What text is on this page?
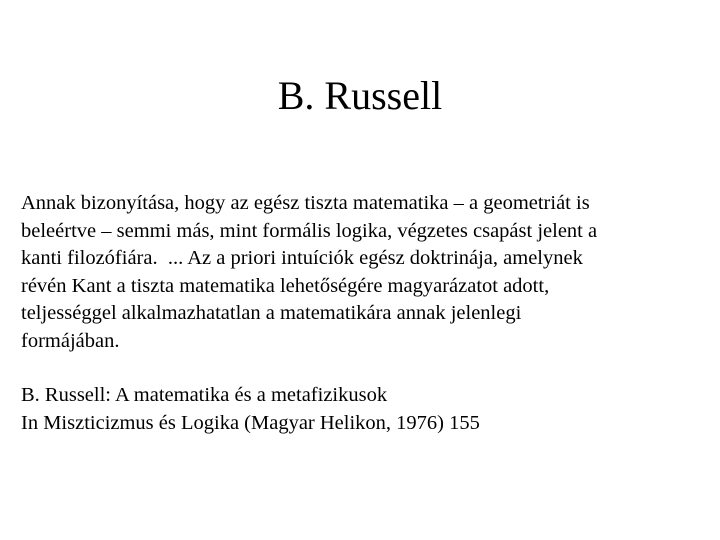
B. Russell

Annak bizonyítása, hogy az egész tiszta matematika – a geometriát is
beleértve – semmi más, mint formális logika, végzetes csapást jelent a
kanti filozófiára.  ... Az a priori intuíciók egész doktrinája, amelynek
révén Kant a tiszta matematika lehetőségére magyarázatot adott,
teljességgel alkalmazhatatlan a matematikára annak jelenlegi
formájában.

B. Russell: A matematika és a metafizikusok
In Miszticizmus és Logika (Magyar Helikon, 1976) 155
